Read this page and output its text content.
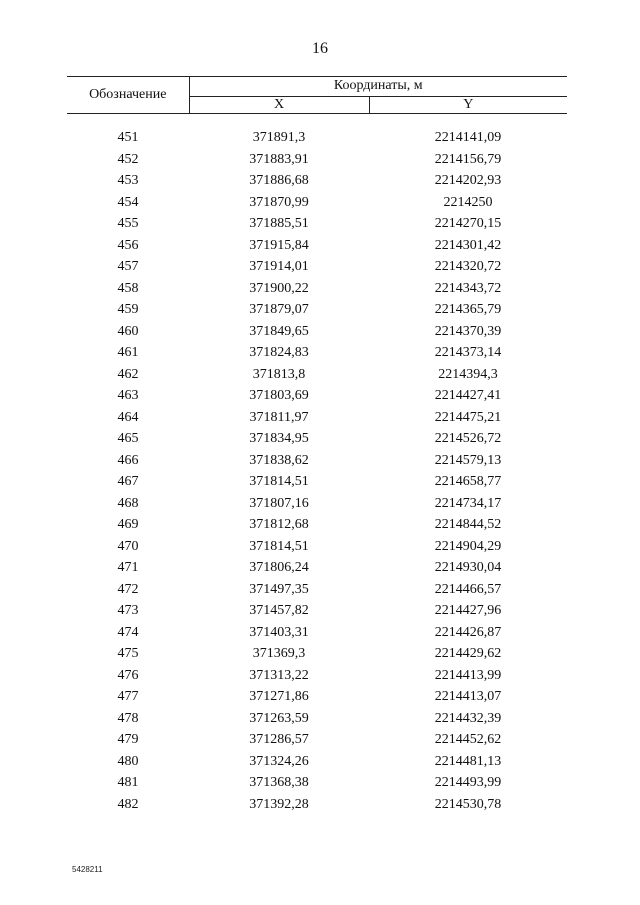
16
Обозначение	Координаты, м	
	X	Y

451	371891,3	2214141,09
452	371883,91	2214156,79
453	371886,68	2214202,93
454	371870,99	2214250
455	371885,51	2214270,15
456	371915,84	2214301,42
457	371914,01	2214320,72
458	371900,22	2214343,72
459	371879,07	2214365,79
460	371849,65	2214370,39
461	371824,83	2214373,14
462	371813,8	2214394,3
463	371803,69	2214427,41
464	371811,97	2214475,21
465	371834,95	2214526,72
466	371838,62	2214579,13
467	371814,51	2214658,77
468	371807,16	2214734,17
469	371812,68	2214844,52
470	371814,51	2214904,29
471	371806,24	2214930,04
472	371497,35	2214466,57
473	371457,82	2214427,96
474	371403,31	2214426,87
475	371369,3	2214429,62
476	371313,22	2214413,99
477	371271,86	2214413,07
478	371263,59	2214432,39
479	371286,57	2214452,62
480	371324,26	2214481,13
481	371368,38	2214493,99
482	371392,28	2214530,78
5428211
